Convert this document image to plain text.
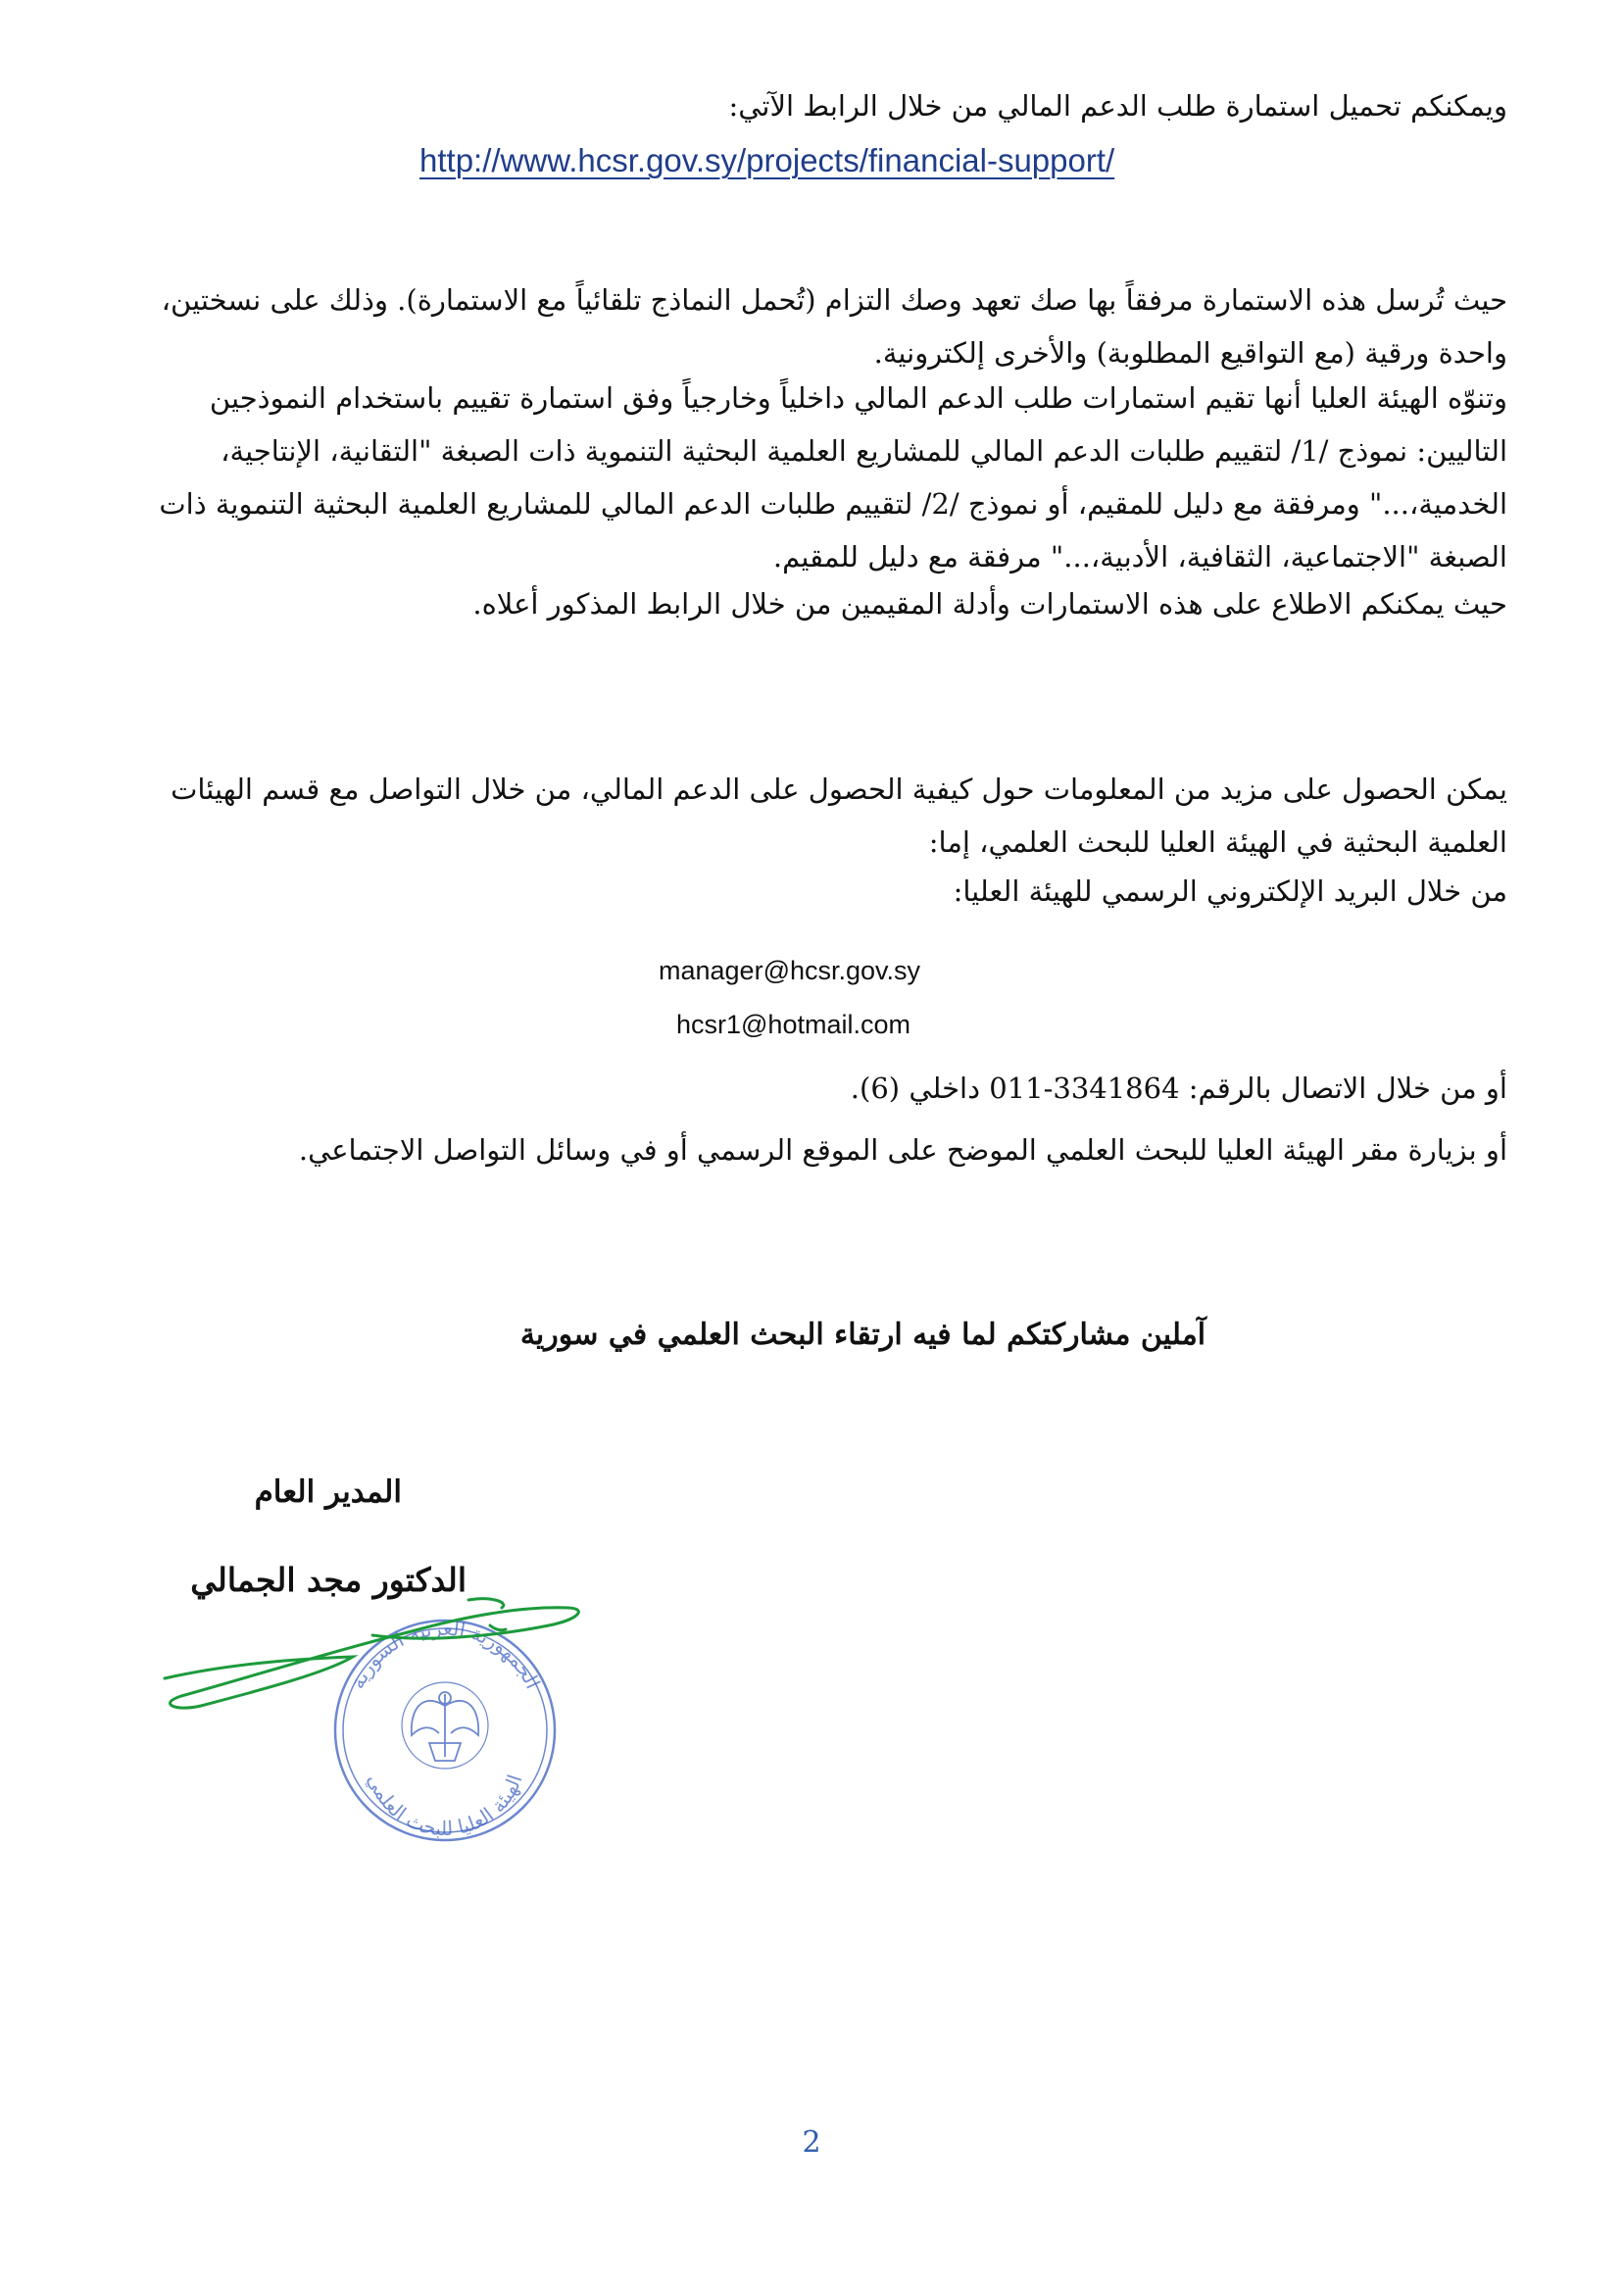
ويمكنكم تحميل استمارة طلب الدعم المالي من خلال الرابط الآتي:
http://www.hcsr.gov.sy/projects/financial-support/

حيث تُرسل هذه الاستمارة مرفقاً بها صك تعهد وصك التزام (تُحمل النماذج تلقائياً مع الاستمارة). وذلك على نسختين،

واحدة ورقية (مع التواقيع المطلوبة) والأخرى إلكترونية.

وتنوّه الهيئة العليا أنها تقيم استمارات طلب الدعم المالي داخلياً وخارجياً وفق استمارة تقييم باستخدام النموذجين

التاليين: نموذج /1/ لتقييم طلبات الدعم المالي للمشاريع العلمية البحثية التنموية ذات الصبغة "التقانية، الإنتاجية،

الخدمية،..." ومرفقة مع دليل للمقيم، أو نموذج /2/ لتقييم طلبات الدعم المالي للمشاريع العلمية البحثية التنموية ذات

الصبغة "الاجتماعية، الثقافية، الأدبية،..." مرفقة مع دليل للمقيم.

حيث يمكنكم الاطلاع على هذه الاستمارات وأدلة المقيمين من خلال الرابط المذكور أعلاه.

يمكن الحصول على مزيد من المعلومات حول كيفية الحصول على الدعم المالي، من خلال التواصل مع قسم الهيئات

العلمية البحثية في الهيئة العليا للبحث العلمي، إما:

من خلال البريد الإلكتروني الرسمي للهيئة العليا:

manager@hcsr.gov.sy
hcsr1@hotmail.com
أو من خلال الاتصال بالرقم: 3341864-011 داخلي (6).
أو بزيارة مقر الهيئة العليا للبحث العلمي الموضح على الموقع الرسمي أو في وسائل التواصل الاجتماعي.
آملين مشاركتكم لما فيه ارتقاء البحث العلمي في سورية
المدير العام
الدكتور مجد الجمالي
الجمهورية العربية السورية
الهيئة العليا للبحث العلمي
2
